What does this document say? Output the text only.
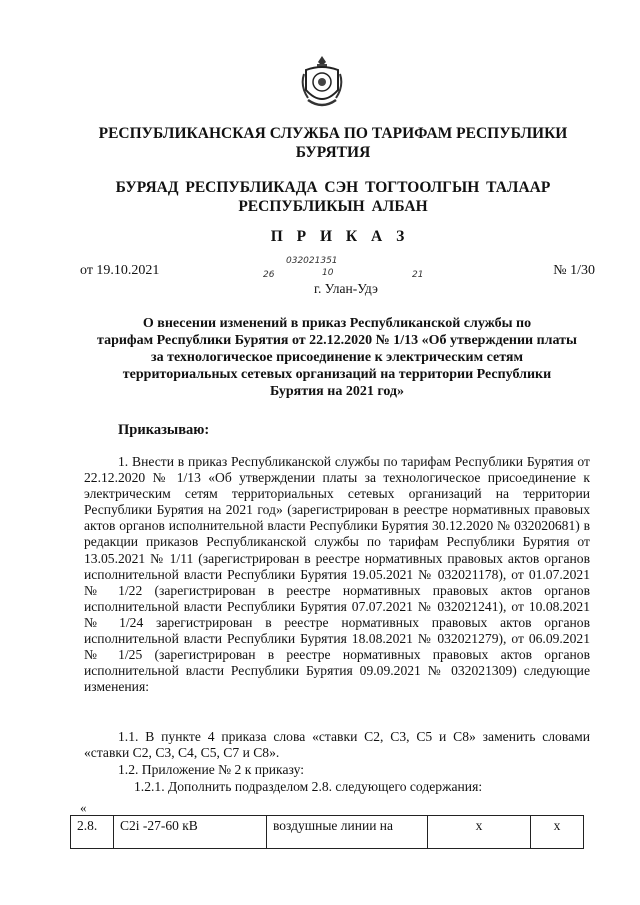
РЕСПУБЛИКАНСКАЯ СЛУЖБА ПО ТАРИФАМ РЕСПУБЛИКИ
БУРЯТИЯ
БУРЯАД РЕСПУБЛИКАДА СЭН ТОГТООЛГЫН ТАЛААР
РЕСПУБЛИКЫН АЛБАН
П Р И К А З
032021351
26	10	21
от 19.10.2021	№ 1/30
г. Улан-Удэ
О внесении изменений в приказ Республиканской службы по
тарифам Республики Бурятия от 22.12.2020 № 1/13 «Об утверждении платы
за технологическое присоединение к электрическим сетям
территориальных сетевых организаций на территории Республики
Бурятия на 2021 год»
Приказываю:

1. Внести в приказ Республиканской службы по тарифам Республики Бурятия от 22.12.2020 № 1/13 «Об утверждении платы за технологическое присоединение к электрическим сетям территориальных сетевых организаций на территории Республики Бурятия на 2021 год» (зарегистрирован в реестре нормативных правовых актов органов исполнительной власти Республики Бурятия 30.12.2020 № 032020681) в редакции приказов Республиканской службы по тарифам Республики Бурятия от 13.05.2021 № 1/11 (зарегистрирован в реестре нормативных правовых актов органов исполнительной власти Республики Бурятия 19.05.2021 № 032021178), от 01.07.2021 № 1/22 (зарегистрирован в реестре нормативных правовых актов органов исполнительной власти Республики Бурятия 07.07.2021 № 032021241), от 10.08.2021 № 1/24 зарегистрирован в реестре нормативных правовых актов органов исполнительной власти Республики Бурятия 18.08.2021 № 032021279), от 06.09.2021 № 1/25 (зарегистрирован в реестре нормативных правовых актов органов исполнительной власти Республики Бурятия 09.09.2021 № 032021309) следующие изменения:

1.1. В пункте 4 приказа слова «ставки С2, С3, С5 и С8» заменить словами «ставки С2, С3, С4, С5, С7 и С8».

1.2. Приложение № 2 к приказу:

1.2.1. Дополнить подразделом 2.8. следующего содержания:

«
2.8.	С2i -27-60 кВ	воздушные линии на	х	х
